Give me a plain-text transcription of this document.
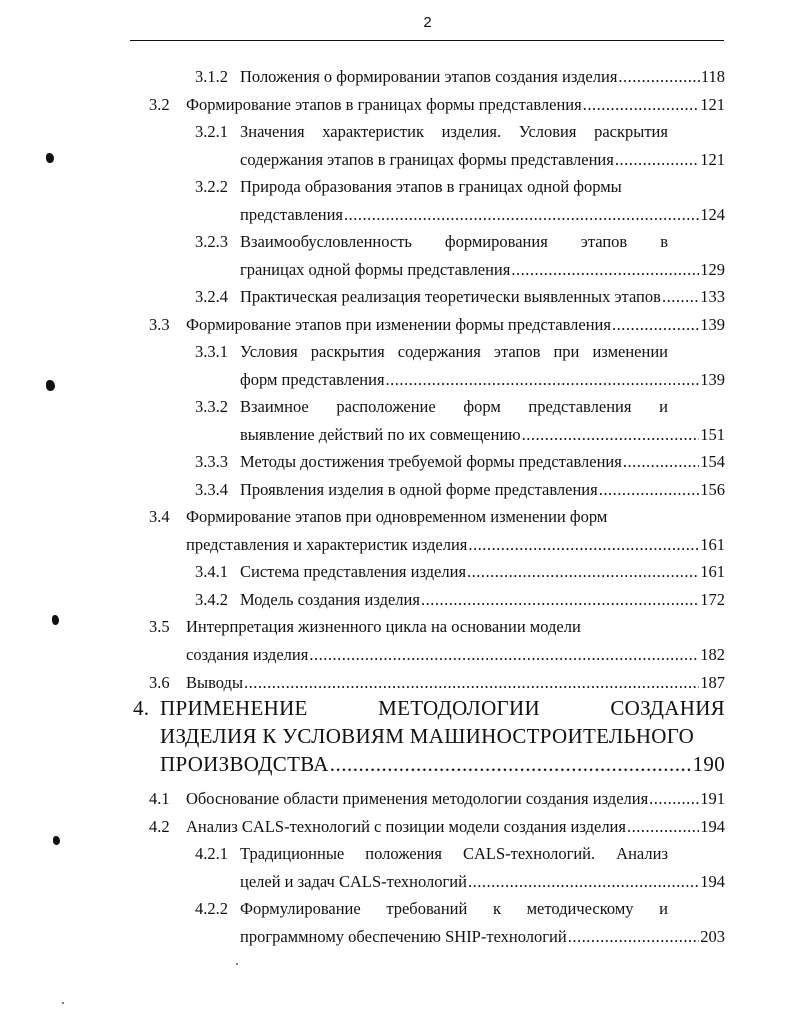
2
3.1.2 Положения о формировании этапов создания изделия .....	118
3.2 Формирование этапов в границах формы представления .....	121
3.2.1 Значения характеристик изделия. Условия раскрытия
содержания этапов в границах формы представления .....	121
3.2.2 Природа образования этапов в границах одной формы
представления .....	124
3.2.3 Взаимообусловленность формирования этапов в
границах одной формы представления .....	129
3.2.4 Практическая реализация теоретически выявленных этапов ..... 133
3.3 Формирование этапов при изменении формы представления .....	139
3.3.1 Условия раскрытия содержания этапов при изменении
форм представления .....	139
3.3.2 Взаимное расположение форм представления и
выявление действий по их совмещению .....	151
3.3.3 Методы достижения требуемой формы представления .....	154
3.3.4 Проявления изделия в одной форме представления .....	156
3.4 Формирование этапов при одновременном изменении форм
представления и характеристик изделия .....	161
3.4.1 Система представления изделия .....	161
3.4.2 Модель создания изделия .....	172
3.5 Интерпретация жизненного цикла на основании модели
создания изделия .....	182
3.6 Выводы .....	187
4. ПРИМЕНЕНИЕ	МЕТОДОЛОГИИ	СОЗДАНИЯ
ИЗДЕЛИЯ К УСЛОВИЯМ МАШИНОСТРОИТЕЛЬНОГО
ПРОИЗВОДСТВА .....	190
4.1 Обоснование области применения методологии создания изделия .....	191
4.2 Анализ CALS-технологий с позиции модели создания изделия .....	194
4.2.1 Традиционные положения CALS-технологий. Анализ
целей и задач CALS-технологий .....	194
4.2.2 Формулирование требований к методическому и
программному обеспечению SHIP-технологий .....	203
